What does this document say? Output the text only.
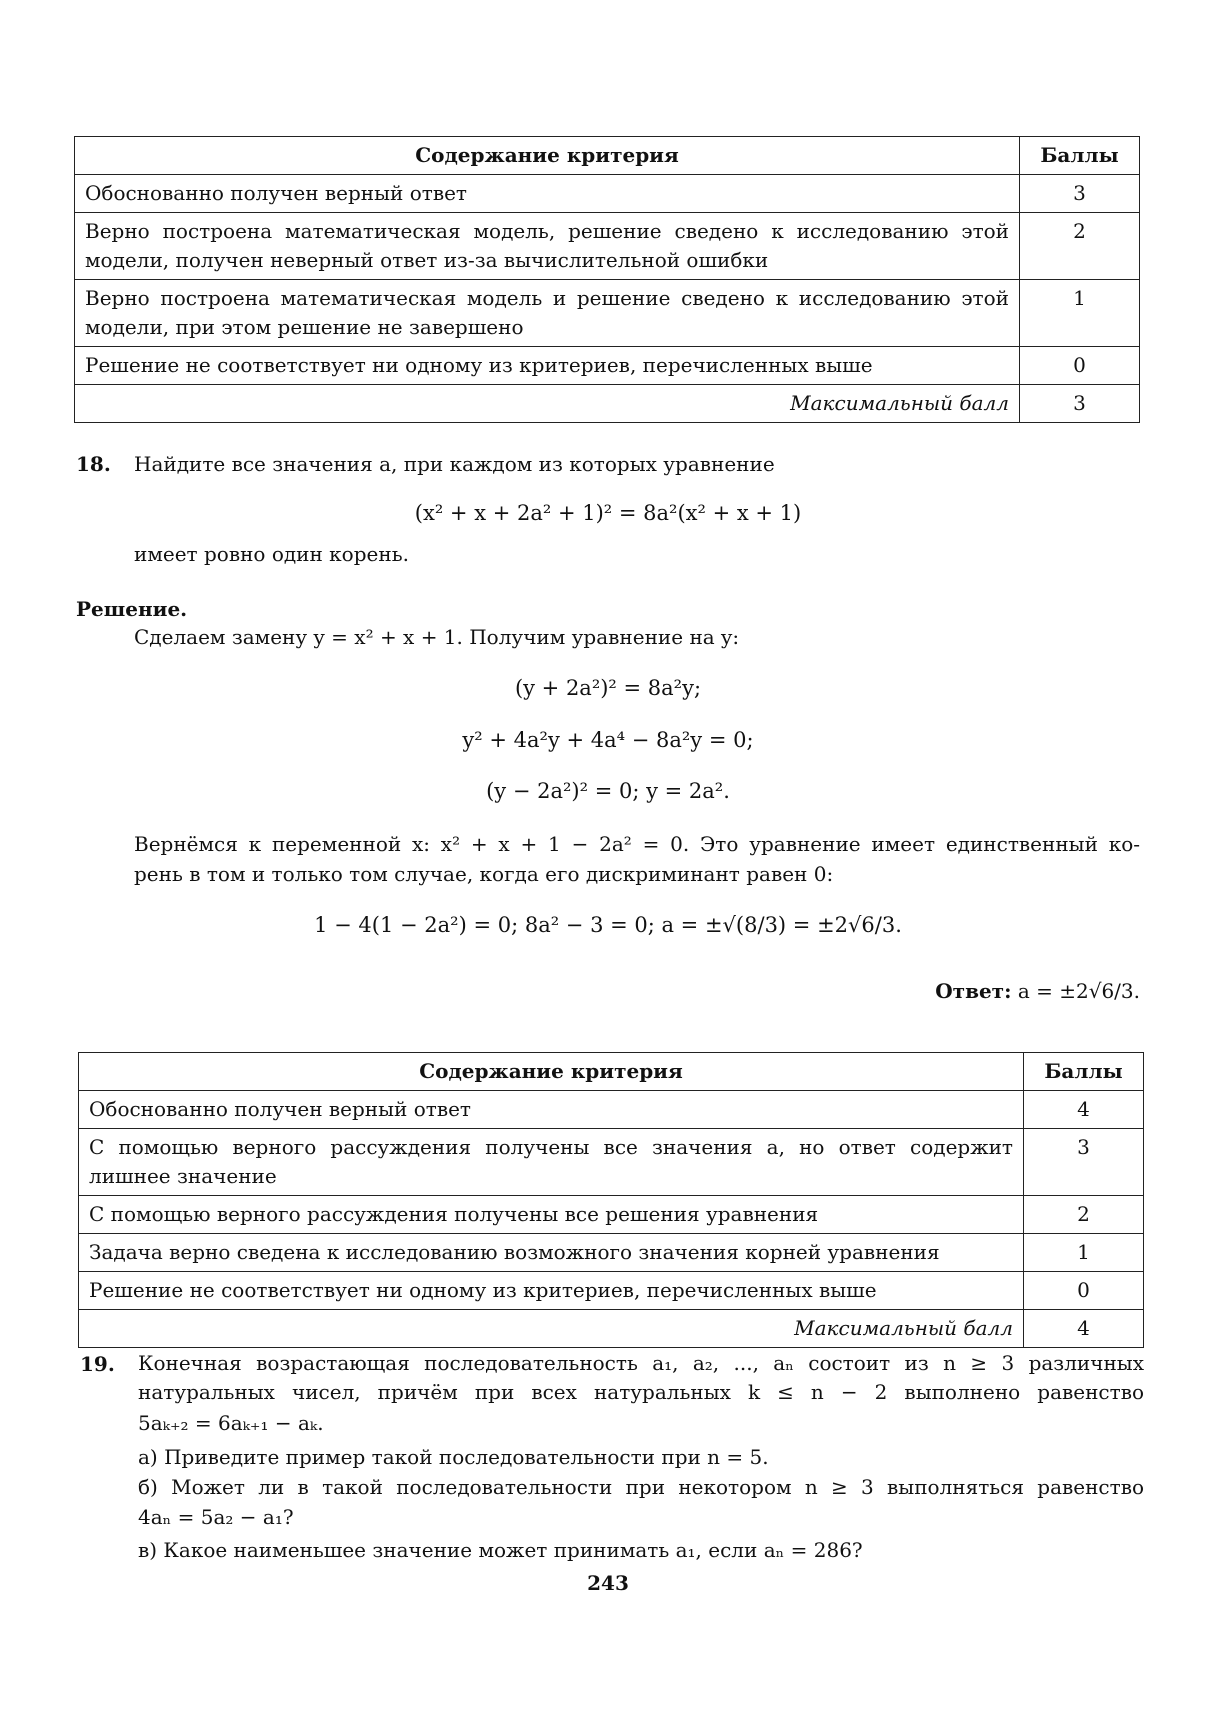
Содержание критерия	Баллы
Обоснованно получен верный ответ	3
Верно построена математическая модель, решение сведено к исследованию этой модели, получен неверный ответ из-за вычислительной ошибки	2
Верно построена математическая модель и решение сведено к исследованию этой модели, при этом решение не завершено	1
Решение не соответствует ни одному из критериев, перечисленных выше	0
Максимальный балл	3
18. Найдите все значения a, при каждом из которых уравнение
(x² + x + 2a² + 1)² = 8a²(x² + x + 1)
имеет ровно один корень.
Решение.
Сделаем замену y = x² + x + 1. Получим уравнение на y:
(y + 2a²)² = 8a²y;
y² + 4a²y + 4a⁴ − 8a²y = 0;
(y − 2a²)² = 0; y = 2a².
Вернёмся к переменной x: x² + x + 1 − 2a² = 0. Это уравнение имеет единственный ко-
рень в том и только том случае, когда его дискриминант равен 0:
1 − 4(1 − 2a²) = 0; 8a² − 3 = 0; a = ±√(8/3) = ±2√6/3.
Ответ: a = ±2√6/3.
Содержание критерия	Баллы
Обоснованно получен верный ответ	4
С помощью верного рассуждения получены все значения a, но ответ содержит лишнее значение	3
С помощью верного рассуждения получены все решения уравнения	2
Задача верно сведена к исследованию возможного значения корней уравнения	1
Решение не соответствует ни одному из критериев, перечисленных выше	0
Максимальный балл	4
19. Конечная возрастающая последовательность a₁, a₂, ..., aₙ состоит из n ≥ 3 различных
натуральных чисел, причём при всех натуральных k ≤ n − 2 выполнено равенство
5aₖ₊₂ = 6aₖ₊₁ − aₖ.
а) Приведите пример такой последовательности при n = 5.
б) Может ли в такой последовательности при некотором n ≥ 3 выполняться равенство
4aₙ = 5a₂ − a₁?
в) Какое наименьшее значение может принимать a₁, если aₙ = 286?
243
